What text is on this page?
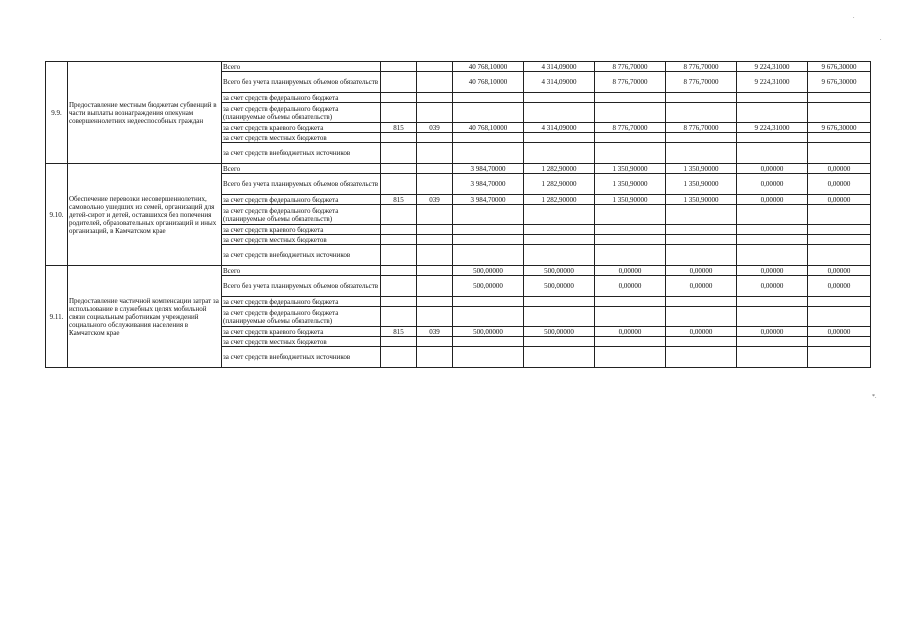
9.9.	Предоставление местным бюджетам субвенций в части выплаты вознаграждения опекунам совершеннолетних недееспособных граждан	Всего			40 768,10000	4 314,09000	8 776,70000	8 776,70000	9 224,31000	9 676,30000
		Всего без учета планируемых объемов обязательств			40 768,10000	4 314,09000	8 776,70000	8 776,70000	9 224,31000	9 676,30000
		за счет средств федерального бюджета								
		за счет средств федерального бюджета (планируемые объемы обязательств)								
		за счет средств краевого бюджета	815	039	40 768,10000	4 314,09000	8 776,70000	8 776,70000	9 224,31000	9 676,30000
		за счет средств местных бюджетов								
		за счет средств внебюджетных источников								
9.10.	Обеспечение перевозки несовершеннолетних, самовольно ушедших из семей, организаций для детей-сирот и детей, оставшихся без попечения родителей, образовательных организаций и иных организаций, в Камчатском крае	Всего			3 984,70000	1 282,90000	1 350,90000	1 350,90000	0,00000	0,00000
		Всего без учета планируемых объемов обязательств			3 984,70000	1 282,90000	1 350,90000	1 350,90000	0,00000	0,00000
		за счет средств федерального бюджета	815	039	3 984,70000	1 282,90000	1 350,90000	1 350,90000	0,00000	0,00000
		за счет средств федерального бюджета (планируемые объемы обязательств)								
		за счет средств краевого бюджета								
		за счет средств местных бюджетов								
		за счет средств внебюджетных источников								
9.11.	Предоставление частичной компенсации затрат за использование в служебных целях мобильной связи социальным работникам учреждений социального обслуживания населения в Камчатском крае	Всего			500,00000	500,00000	0,00000	0,00000	0,00000	0,00000
		Всего без учета планируемых объемов обязательств			500,00000	500,00000	0,00000	0,00000	0,00000	0,00000
		за счет средств федерального бюджета								
		за счет средств федерального бюджета (планируемые объемы обязательств)								
		за счет средств краевого бюджета	815	039	500,00000	500,00000	0,00000	0,00000	0,00000	0,00000
		за счет средств местных бюджетов								
		за счет средств внебюджетных источников								
.
.
*.
